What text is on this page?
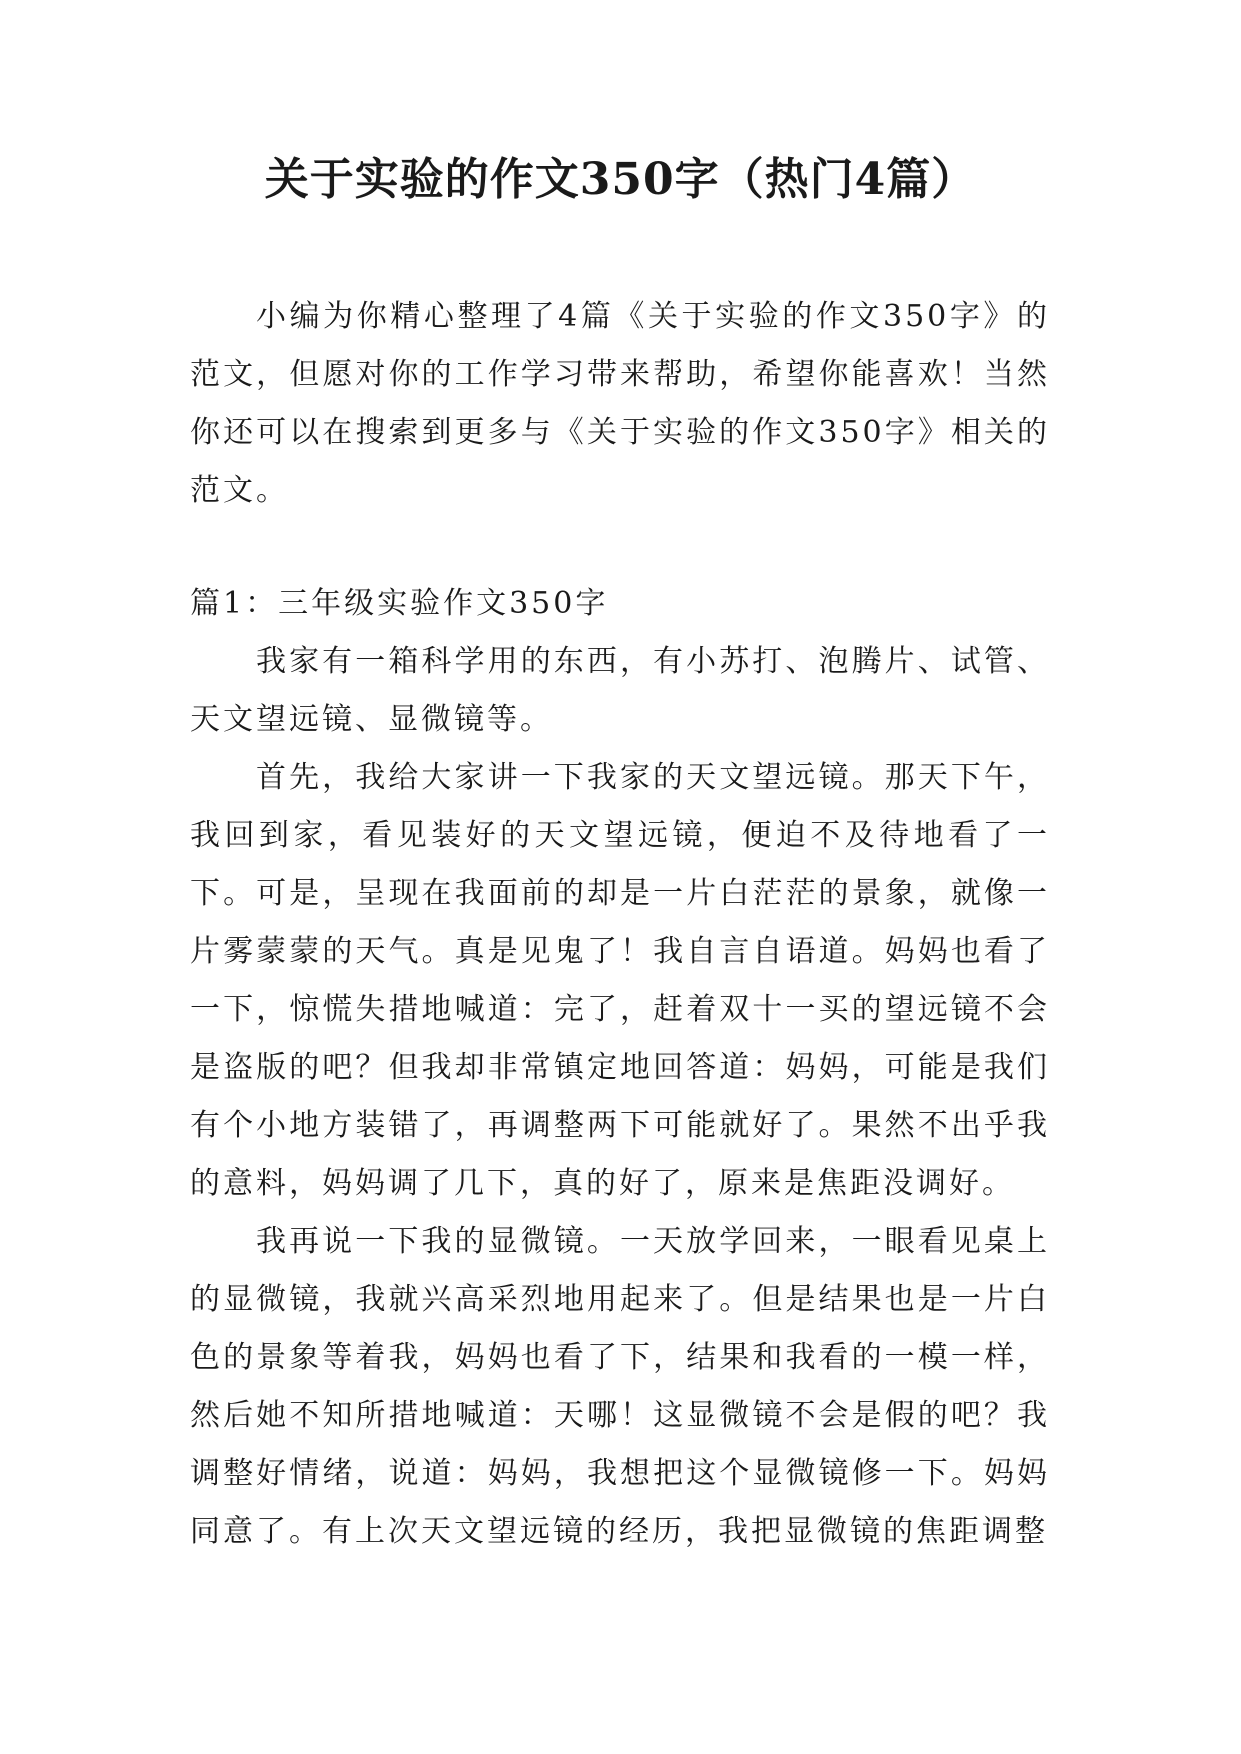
关于实验的作文350字（热门4篇）

小编为你精心整理了4篇《关于实验的作文350字》的范文，但愿对你的工作学习带来帮助，希望你能喜欢！当然你还可以在搜索到更多与《关于实验的作文350字》相关的范文。

篇1：三年级实验作文350字

我家有一箱科学用的东西，有小苏打、泡腾片、试管、天文望远镜、显微镜等。

首先，我给大家讲一下我家的天文望远镜。那天下午，我回到家，看见装好的天文望远镜，便迫不及待地看了一下。可是，呈现在我面前的却是一片白茫茫的景象，就像一片雾蒙蒙的天气。真是见鬼了！我自言自语道。妈妈也看了一下，惊慌失措地喊道：完了，赶着双十一买的望远镜不会是盗版的吧？但我却非常镇定地回答道：妈妈，可能是我们有个小地方装错了，再调整两下可能就好了。果然不出乎我的意料，妈妈调了几下，真的好了，原来是焦距没调好。

我再说一下我的显微镜。一天放学回来，一眼看见桌上的显微镜，我就兴高采烈地用起来了。但是结果也是一片白色的景象等着我，妈妈也看了下，结果和我看的一模一样，然后她不知所措地喊道：天哪！这显微镜不会是假的吧？我调整好情绪，说道：妈妈，我想把这个显微镜修一下。妈妈同意了。有上次天文望远镜的经历，我把显微镜的焦距调整
